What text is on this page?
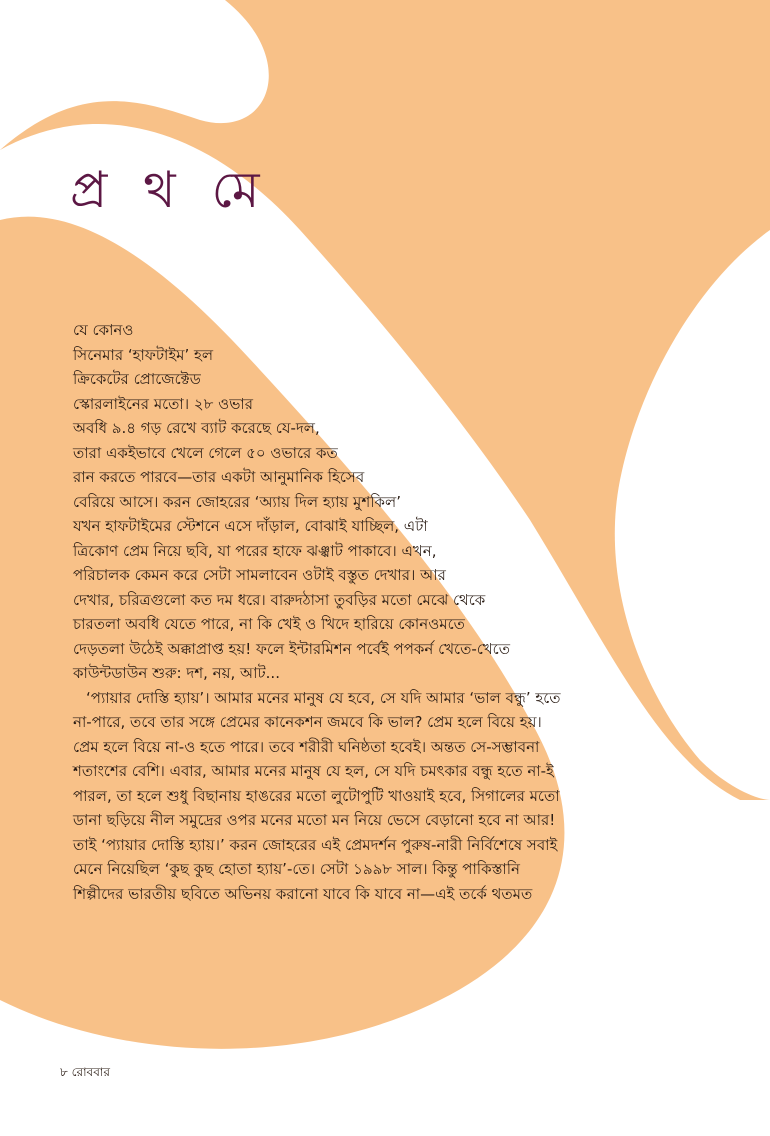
প্র থ মে
যে কোনও
সিনেমার ‘হাফটাইম’ হল
ক্রিকেটের প্রোজেক্টেড
স্কোরলাইনের মতো। ২৮ ওভার
অবধি ৯.৪ গড় রেখে ব্যাট করেছে যে-দল,
তারা একইভাবে খেলে গেলে ৫০ ওভারে কত
রান করতে পারবে—তার একটা আনুমানিক হিসেব
বেরিয়ে আসে। করন জোহরের ‘অ্যায় দিল হ্যায় মুশকিল’
যখন হাফটাইমের স্টেশনে এসে দাঁড়াল, বোঝাই যাচ্ছিল, এটা
ত্রিকোণ প্রেম নিয়ে ছবি, যা পরের হাফে ঝঞ্ঝাট পাকাবে। এখন,
পরিচালক কেমন করে সেটা সামলাবেন ওটাই বস্তুত দেখার। আর
দেখার, চরিত্রগুলো কত দম ধরে। বারুদঠাসা তুবড়ির মতো মেঝে থেকে
চারতলা অবধি যেতে পারে, না কি খেই ও খিদে হারিয়ে কোনওমতে
দেড়তলা উঠেই অক্কাপ্রাপ্ত হয়! ফলে ইন্টারমিশন পর্বেই পপকর্ন খেতে-খেতে
কাউন্টডাউন শুরু: দশ, নয়, আট...
‘প্যায়ার দোস্তি হ্যায়’। আমার মনের মানুষ যে হবে, সে যদি আমার ‘ভাল বন্ধু’ হতে
না-পারে, তবে তার সঙ্গে প্রেমের কানেকশন জমবে কি ভাল? প্রেম হলে বিয়ে হয়।
প্রেম হলে বিয়ে না-ও হতে পারে। তবে শরীরী ঘনিষ্ঠতা হবেই। অন্তত সে-সম্ভাবনা
শতাংশের বেশি। এবার, আমার মনের মানুষ যে হল, সে যদি চমৎকার বন্ধু হতে না-ই
পারল, তা হলে শুধু বিছানায় হাঙরের মতো লুটোপুটি খাওয়াই হবে, সিগালের মতো
ডানা ছড়িয়ে নীল সমুদ্রের ওপর মনের মতো মন নিয়ে ভেসে বেড়ানো হবে না আর!
তাই ‘প্যায়ার দোস্তি হ্যায়।’ করন জোহরের এই প্রেমদর্শন পুরুষ-নারী নির্বিশেষে সবাই
মেনে নিয়েছিল ‘কুছ কুছ হোতা হ্যায়’-তে। সেটা ১৯৯৮ সাল। কিন্তু পাকিস্তানি
শিল্পীদের ভারতীয় ছবিতে অভিনয় করানো যাবে কি যাবে না—এই তর্কে থতমত
৮ রোববার
